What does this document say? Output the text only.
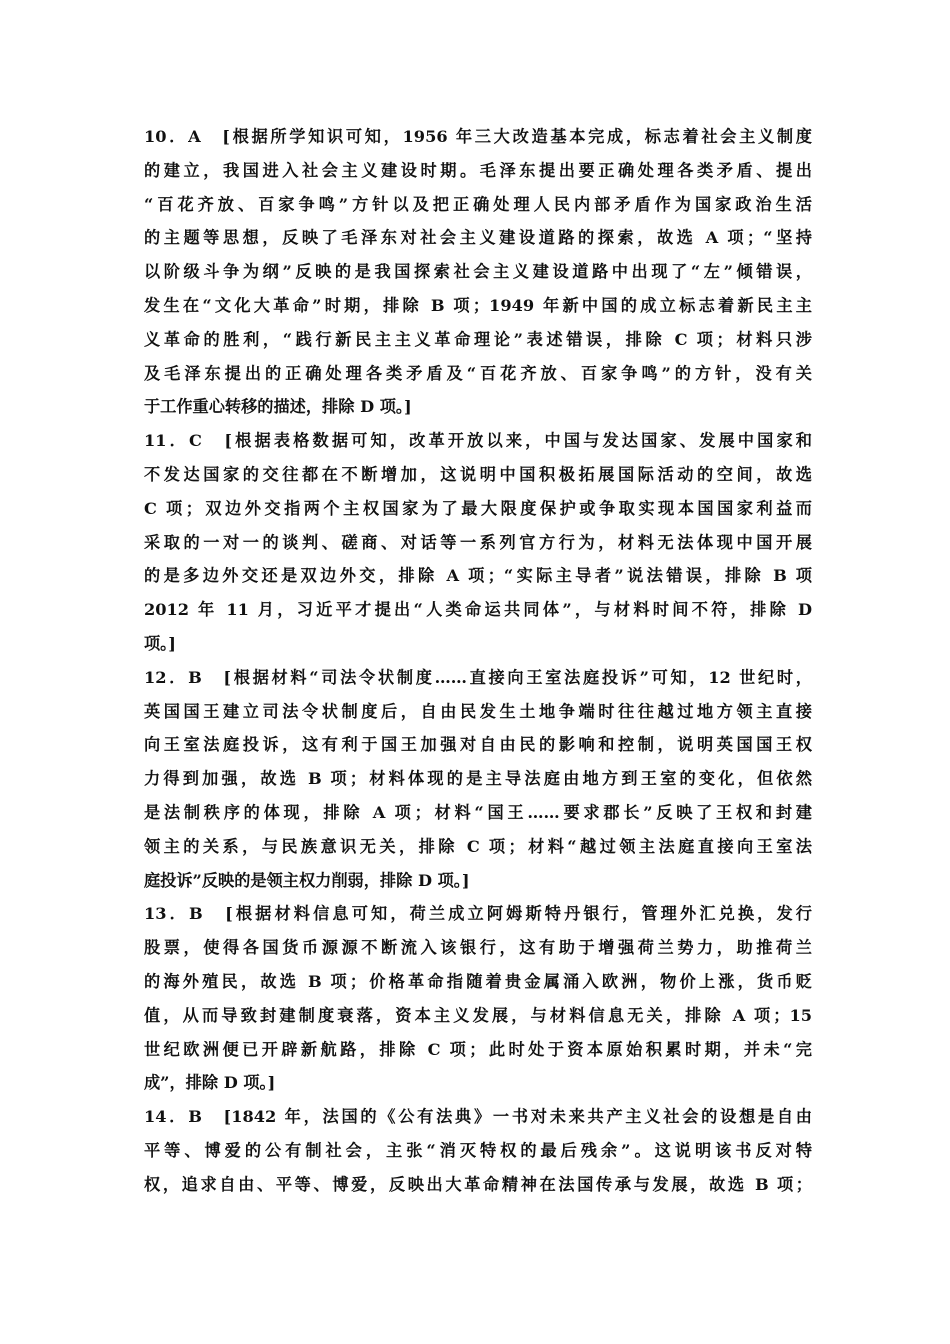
10．A　[根据所学知识可知，1956 年三大改造基本完成，标志着社会主义制度
的建立，我国进入社会主义建设时期。毛泽东提出要正确处理各类矛盾、提出
“百花齐放、百家争鸣”方针以及把正确处理人民内部矛盾作为国家政治生活
的主题等思想，反映了毛泽东对社会主义建设道路的探索，故选 A 项；“坚持
以阶级斗争为纲”反映的是我国探索社会主义建设道路中出现了“左”倾错误，
发生在“文化大革命”时期，排除 B 项；1949 年新中国的成立标志着新民主主
义革命的胜利，“践行新民主主义革命理论”表述错误，排除 C 项；材料只涉
及毛泽东提出的正确处理各类矛盾及“百花齐放、百家争鸣”的方针，没有关
于工作重心转移的描述，排除 D 项。]
11．C　[根据表格数据可知，改革开放以来，中国与发达国家、发展中国家和
不发达国家的交往都在不断增加，这说明中国积极拓展国际活动的空间，故选
C 项；双边外交指两个主权国家为了最大限度保护或争取实现本国国家利益而
采取的一对一的谈判、磋商、对话等一系列官方行为，材料无法体现中国开展
的是多边外交还是双边外交，排除 A 项；“实际主导者”说法错误，排除 B 项
2012 年 11 月，习近平才提出“人类命运共同体”，与材料时间不符，排除 D
项。]
12．B　[根据材料“司法令状制度……直接向王室法庭投诉”可知，12 世纪时，
英国国王建立司法令状制度后，自由民发生土地争端时往往越过地方领主直接
向王室法庭投诉，这有利于国王加强对自由民的影响和控制，说明英国国王权
力得到加强，故选 B 项；材料体现的是主导法庭由地方到王室的变化，但依然
是法制秩序的体现，排除 A 项；材料“国王……要求郡长”反映了王权和封建
领主的关系，与民族意识无关，排除 C 项；材料“越过领主法庭直接向王室法
庭投诉”反映的是领主权力削弱，排除 D 项。]
13．B　[根据材料信息可知，荷兰成立阿姆斯特丹银行，管理外汇兑换，发行
股票，使得各国货币源源不断流入该银行，这有助于增强荷兰势力，助推荷兰
的海外殖民，故选 B 项；价格革命指随着贵金属涌入欧洲，物价上涨，货币贬
值，从而导致封建制度衰落，资本主义发展，与材料信息无关，排除 A 项；15
世纪欧洲便已开辟新航路，排除 C 项；此时处于资本原始积累时期，并未“完
成”，排除 D 项。]
14．B　[1842 年，法国的《公有法典》一书对未来共产主义社会的设想是自由
平等、博爱的公有制社会，主张“消灭特权的最后残余”。这说明该书反对特
权，追求自由、平等、博爱，反映出大革命精神在法国传承与发展，故选 B 项；
